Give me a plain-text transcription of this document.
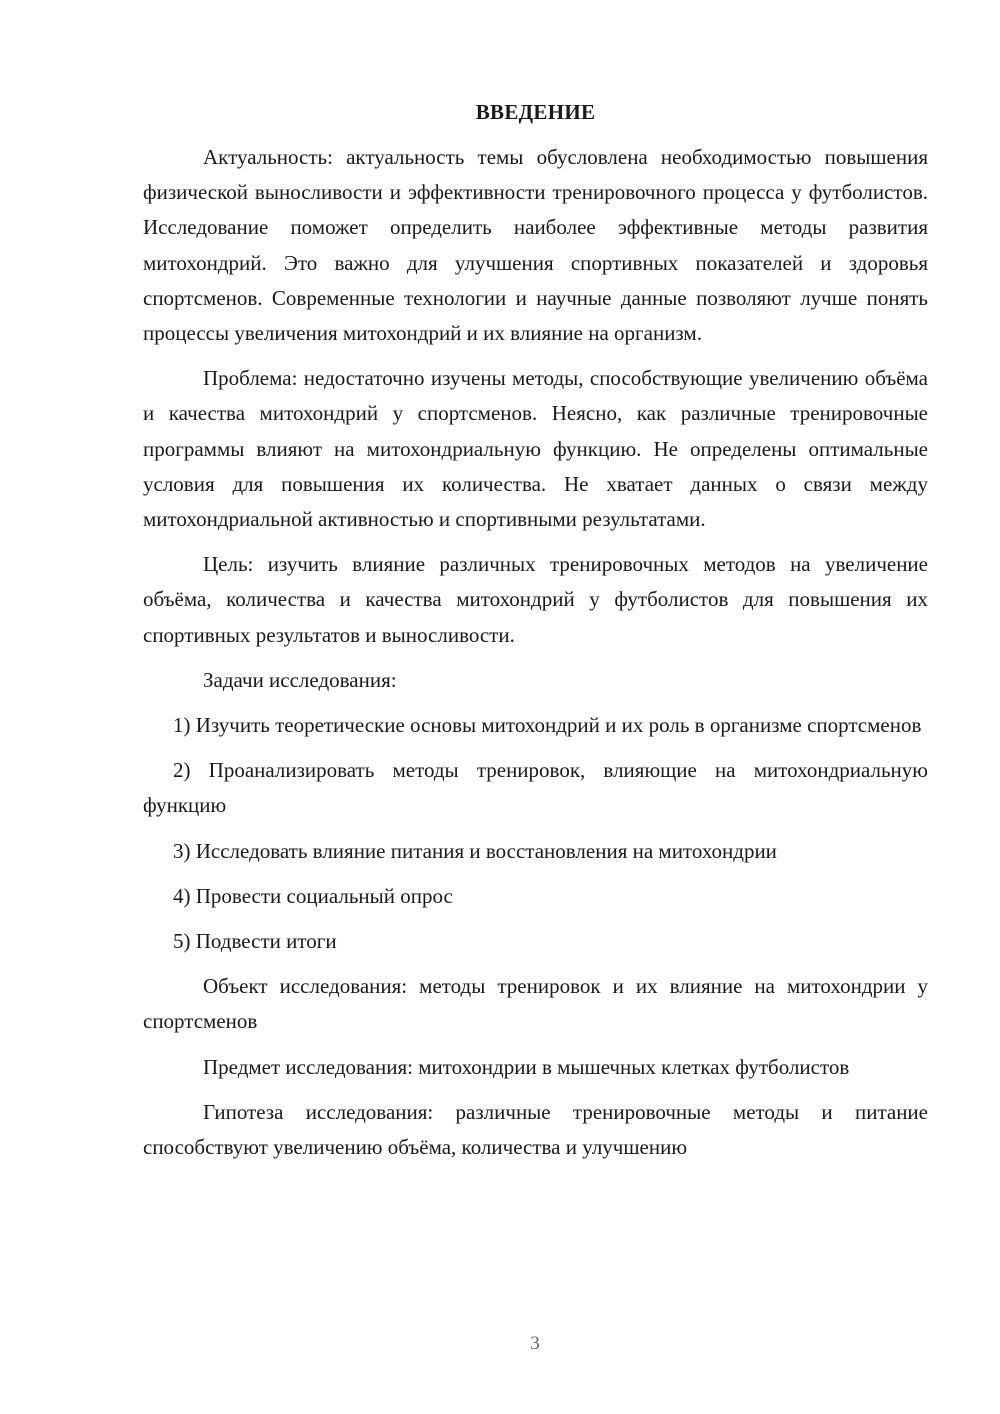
ВВЕДЕНИЕ

Актуальность: актуальность темы обусловлена необходимостью повышения физической выносливости и эффективности тренировочного процесса у футболистов. Исследование поможет определить наиболее эффективные методы развития митохондрий. Это важно для улучшения спортивных показателей и здоровья спортсменов. Современные технологии и научные данные позволяют лучше понять процессы увеличения митохондрий и их влияние на организм.

Проблема: недостаточно изучены методы, способствующие увеличению объёма и качества митохондрий у спортсменов. Неясно, как различные тренировочные программы влияют на митохондриальную функцию. Не определены оптимальные условия для повышения их количества. Не хватает данных о связи между митохондриальной активностью и спортивными результатами.

Цель: изучить влияние различных тренировочных методов на увеличение объёма, количества и качества митохондрий у футболистов для повышения их спортивных результатов и выносливости.

Задачи исследования:

1) Изучить теоретические основы митохондрий и их роль в организме спортсменов

2) Проанализировать методы тренировок, влияющие на митохондриальную функцию

3) Исследовать влияние питания и восстановления на митохондрии

4) Провести социальный опрос

5) Подвести итоги

Объект исследования: методы тренировок и их влияние на митохондрии у спортсменов

Предмет исследования: митохондрии в мышечных клетках футболистов

Гипотеза исследования: различные тренировочные методы и питание способствуют увеличению объёма, количества и улучшению

3
